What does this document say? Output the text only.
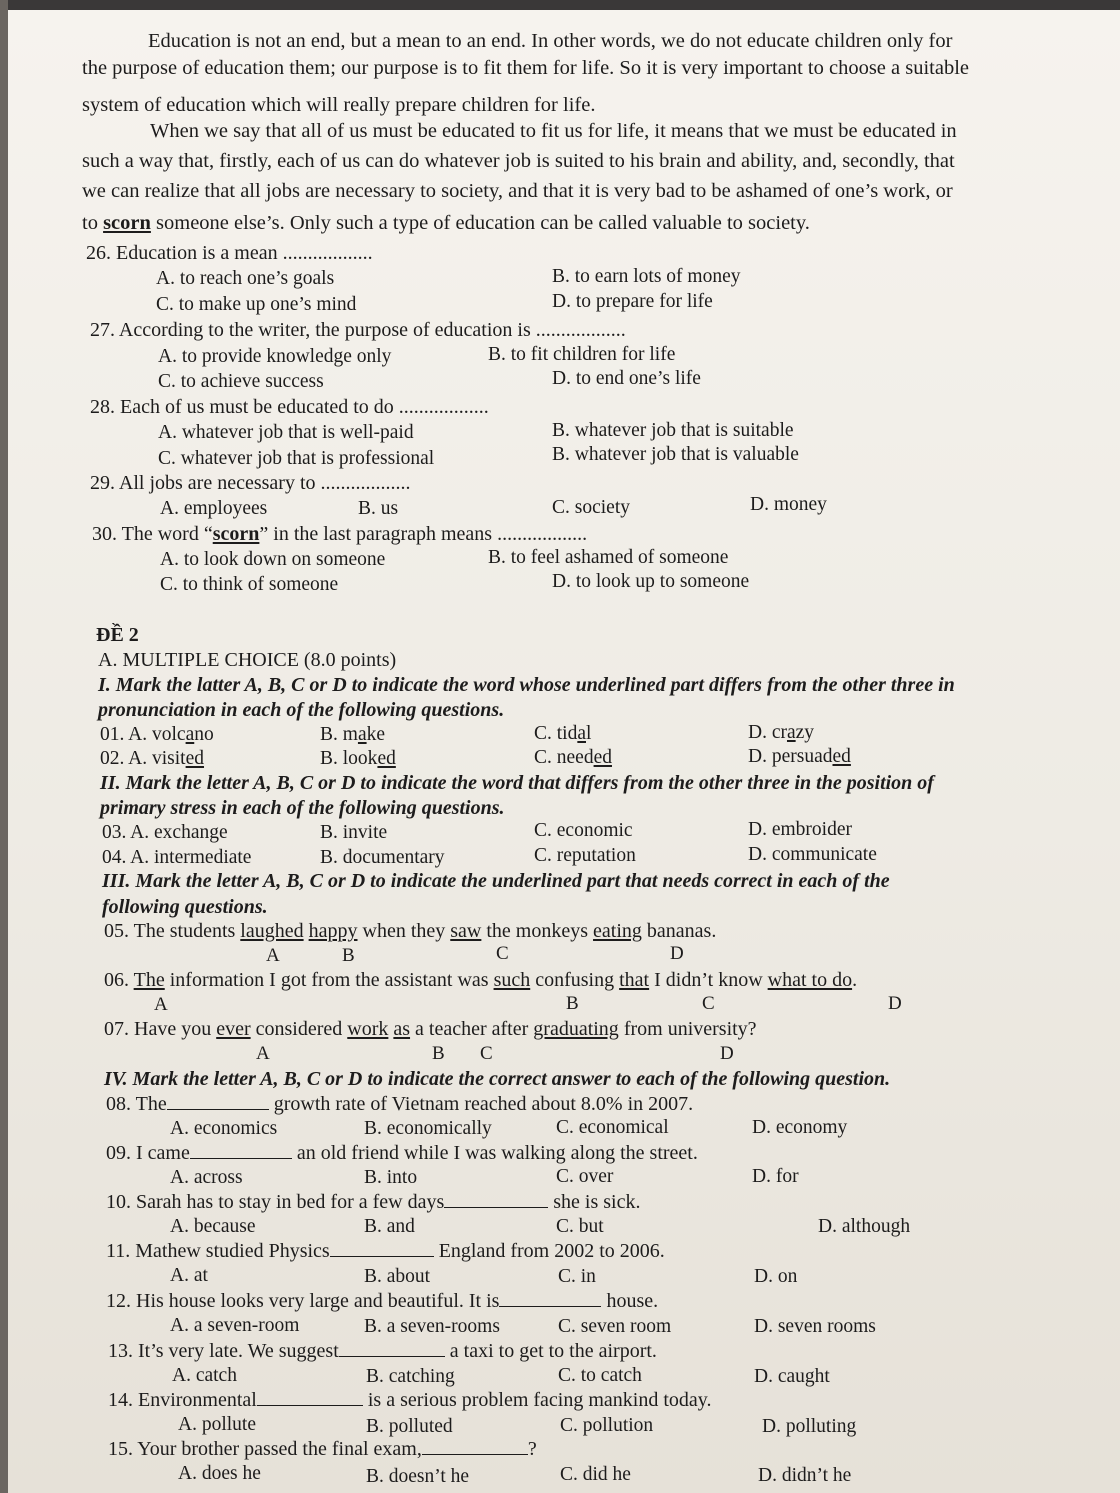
Education is not an end, but a mean to an end. In other words, we do not educate children only for
the purpose of education them; our purpose is to fit them for life. So it is very important to choose a suitable
system of education which will really prepare children for life.
When we say that all of us must be educated to fit us for life, it means that we must be educated in
such a way that, firstly, each of us can do whatever job is suited to his brain and ability, and, secondly, that
we can realize that all jobs are necessary to society, and that it is very bad to be ashamed of one’s work, or
to scorn someone else’s. Only such a type of education can be called valuable to society.
26. Education is a mean ..................
A. to reach one’s goals	B. to earn lots of money
C. to make up one’s mind	D. to prepare for life
27. According to the writer, the purpose of education is ..................
A. to provide knowledge only	B. to fit children for life
C. to achieve success	D. to end one’s life
28. Each of us must be educated to do ..................
A. whatever job that is well-paid	B. whatever job that is suitable
C. whatever job that is professional	B. whatever job that is valuable
29. All jobs are necessary to ..................
A. employees	B. us	C. society	D. money
30. The word “scorn” in the last paragraph means ..................
A. to look down on someone	B. to feel ashamed of someone
C. to think of someone	D. to look up to someone
ĐỀ 2
A. MULTIPLE CHOICE (8.0 points)
I. Mark the latter A, B, C or D to indicate the word whose underlined part differs from the other three in
pronunciation in each of the following questions.
01. A. volcano	B. make	C. tidal	D. crazy
02. A. visited	B. looked	C. needed	D. persuaded
II. Mark the letter A, B, C or D to indicate the word that differs from the other three in the position of
primary stress in each of the following questions.
03. A. exchange	B. invite	C. economic	D. embroider
04. A. intermediate	B. documentary	C. reputation	D. communicate
III. Mark the letter A, B, C or D to indicate the underlined part that needs correct in each of the
following questions.
05. The students laughed happy when they saw the monkeys eating bananas.
A	B	C	D
06. The information I got from the assistant was such confusing that I didn’t know what to do.
A	B	C	D
07. Have you ever considered work as a teacher after graduating from university?
A	B C	D
IV. Mark the letter A, B, C or D to indicate the correct answer to each of the following question.
08. The	growth rate of Vietnam reached about 8.0% in 2007.
A. economics	B. economically	C. economical	D. economy
09. I came	an old friend while I was walking along the street.
A. across	B. into	C. over	D. for
10. Sarah has to stay in bed for a few days	she is sick.
A. because	B. and	C. but	D. although
11. Mathew studied Physics	England from 2002 to 2006.
A. at	B. about	C. in	D. on
12. His house looks very large and beautiful. It is	house.
A. a seven-room	B. a seven-rooms	C. seven room	D. seven rooms
13. It’s very late. We suggest	a taxi to get to the airport.
A. catch	B. catching	C. to catch	D. caught
14. Environmental	is a serious problem facing mankind today.
A. pollute	B. polluted	C. pollution	D. polluting
15. Your brother passed the final exam,	?
A. does he	B. doesn’t he	C. did he	D. didn’t he
